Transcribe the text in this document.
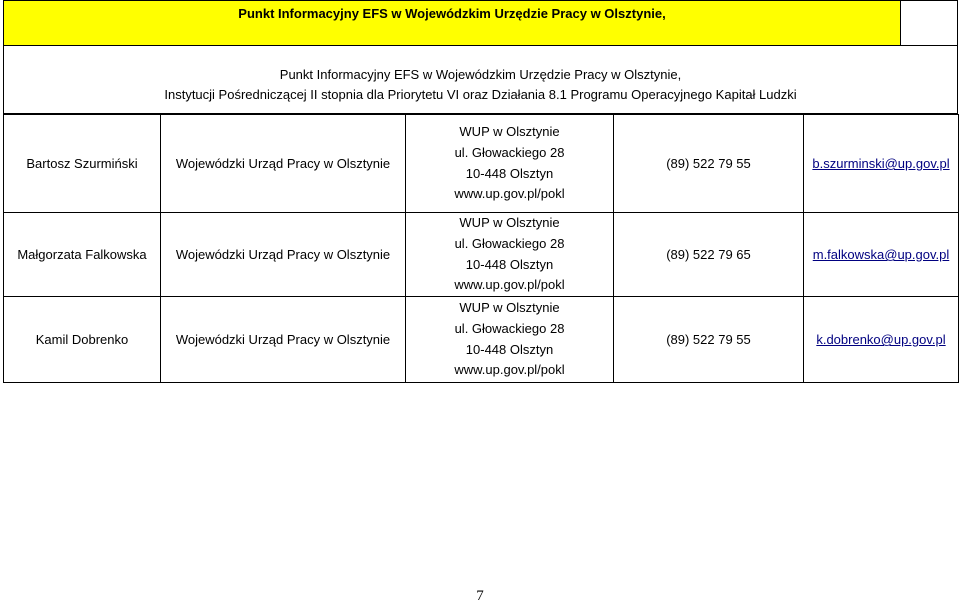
Punkt Informacyjny EFS w Wojewódzkim Urzędzie Pracy w Olsztynie,
Punkt Informacyjny EFS w Wojewódzkim Urzędzie Pracy w Olsztynie,
Instytucji Pośredniczącej II stopnia dla Priorytetu VI oraz Działania 8.1 Programu Operacyjnego Kapitał Ludzki
Bartosz Szurmiński	Wojewódzki Urząd Pracy w Olsztynie	WUP w Olsztynie
ul. Głowackiego 28
10-448 Olsztyn
www.up.gov.pl/pokl	(89) 522 79 55	b.szurminski@up.gov.pl
Małgorzata Falkowska	Wojewódzki Urząd Pracy w Olsztynie	WUP w Olsztynie
ul. Głowackiego 28
10-448 Olsztyn
www.up.gov.pl/pokl	(89) 522 79 65	m.falkowska@up.gov.pl
Kamil Dobrenko	Wojewódzki Urząd Pracy w Olsztynie	WUP w Olsztynie
ul. Głowackiego 28
10-448 Olsztyn
www.up.gov.pl/pokl	(89) 522 79 55	k.dobrenko@up.gov.pl
7
